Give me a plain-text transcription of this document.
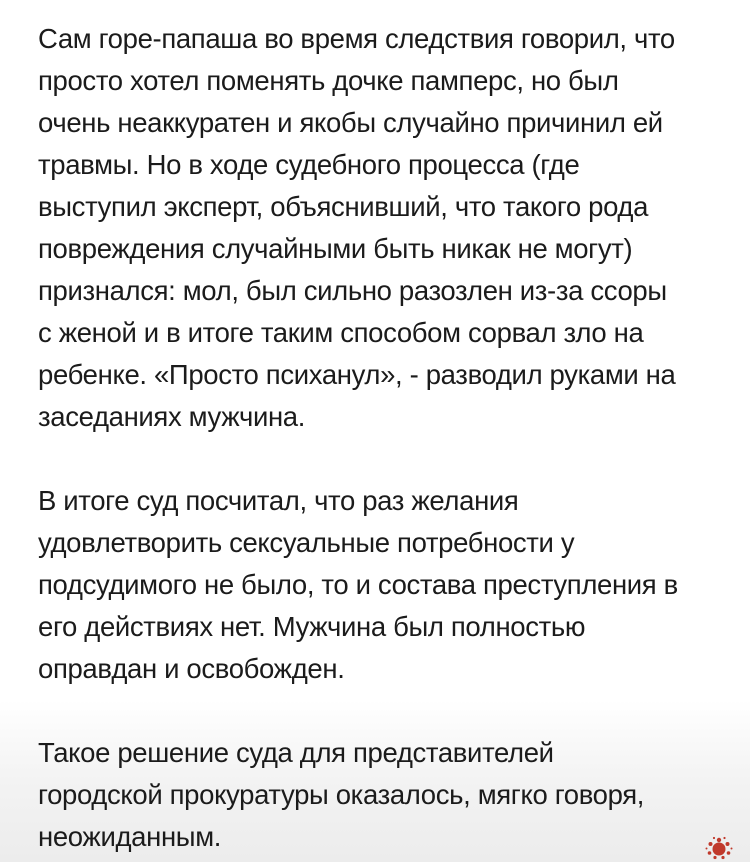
Сам горе-папаша во время следствия говорил, что
просто хотел поменять дочке памперс, но был
очень неаккуратен и якобы случайно причинил ей
травмы. Но в ходе судебного процесса (где
выступил эксперт, объяснивший, что такого рода
повреждения случайными быть никак не могут)
признался: мол, был сильно разозлен из-за ссоры
с женой и в итоге таким способом сорвал зло на
ребенке. «Просто психанул», - разводил руками на
заседаниях мужчина.

В итоге суд посчитал, что раз желания
удовлетворить сексуальные потребности у
подсудимого не было, то и состава преступления в
его действиях нет. Мужчина был полностью
оправдан и освобожден.

Такое решение суда для представителей
городской прокуратуры оказалось, мягко говоря,
неожиданным.
